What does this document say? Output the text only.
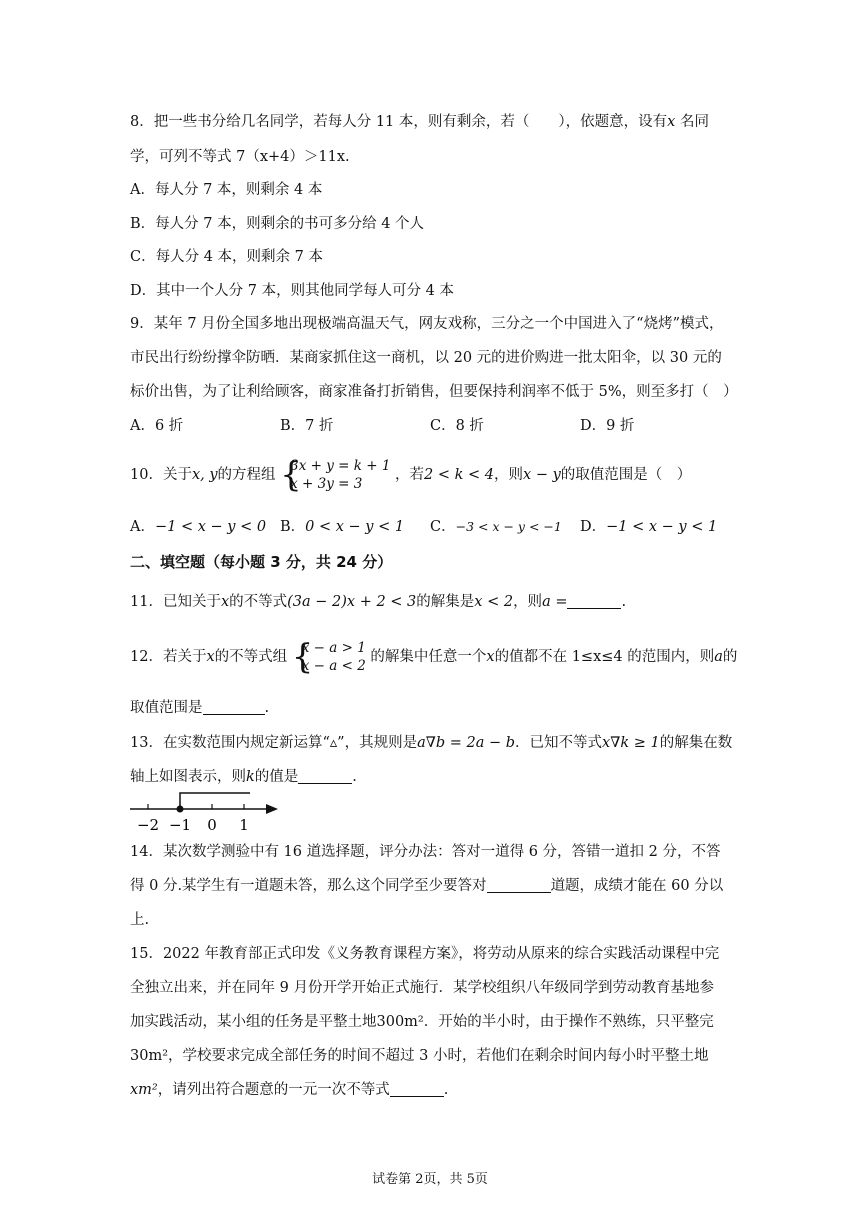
8．把一些书分给几名同学，若每人分 11 本，则有剩余，若（　　），依题意，设有x 名同
学，可列不等式 7（x+4）＞11x.
A．每人分 7 本，则剩余 4 本
B．每人分 7 本，则剩余的书可多分给 4 个人
C．每人分 4 本，则剩余 7 本
D．其中一个人分 7 本，则其他同学每人可分 4 本
9．某年 7 月份全国多地出现极端高温天气，网友戏称，三分之一个中国进入了“烧烤”模式，
市民出行纷纷撑伞防晒．某商家抓住这一商机，以 20 元的进价购进一批太阳伞，以 30 元的
标价出售，为了让利给顾客，商家准备打折销售，但要保持利润率不低于 5%，则至多打（　）
A．6 折	B．7 折	C．8 折	D．9 折
10．关于x, y的方程组 {
3x + y = k + 1
x + 3y = 3
，若2 < k < 4，则x − y的取值范围是（　）
A．−1 < x − y < 0 B．0 < x − y < 1 C．−3 < x − y < −1 D．−1 < x − y < 1
二、填空题（每小题 3 分，共 24 分）
11．已知关于x的不等式(3a − 2)x + 2 < 3的解集是x < 2，则a =	.
12．若关于x的不等式组 {
x − a > 1
x − a < 2
的解集中任意一个x的值都不在 1≤x≤4 的范围内，则a的
取值范围是	.
13．在实数范围内规定新运算“▵”，其规则是a∇b = 2a − b．已知不等式x∇k ≥ 1的解集在数
轴上如图表示，则k的值是	.
−2 −1 0 1
14．某次数学测验中有 16 道选择题，评分办法：答对一道得 6 分，答错一道扣 2 分，不答
得 0 分.某学生有一道题未答，那么这个同学至少要答对	道题，成绩才能在 60 分以
上.
15．2022 年教育部正式印发《义务教育课程方案》，将劳动从原来的综合实践活动课程中完
全独立出来，并在同年 9 月份开学开始正式施行．某学校组织八年级同学到劳动教育基地参
加实践活动，某小组的任务是平整土地300m²．开始的半小时，由于操作不熟练，只平整完
30m²，学校要求完成全部任务的时间不超过 3 小时，若他们在剩余时间内每小时平整土地
xm²，请列出符合题意的一元一次不等式	.
试卷第 2页，共 5页
